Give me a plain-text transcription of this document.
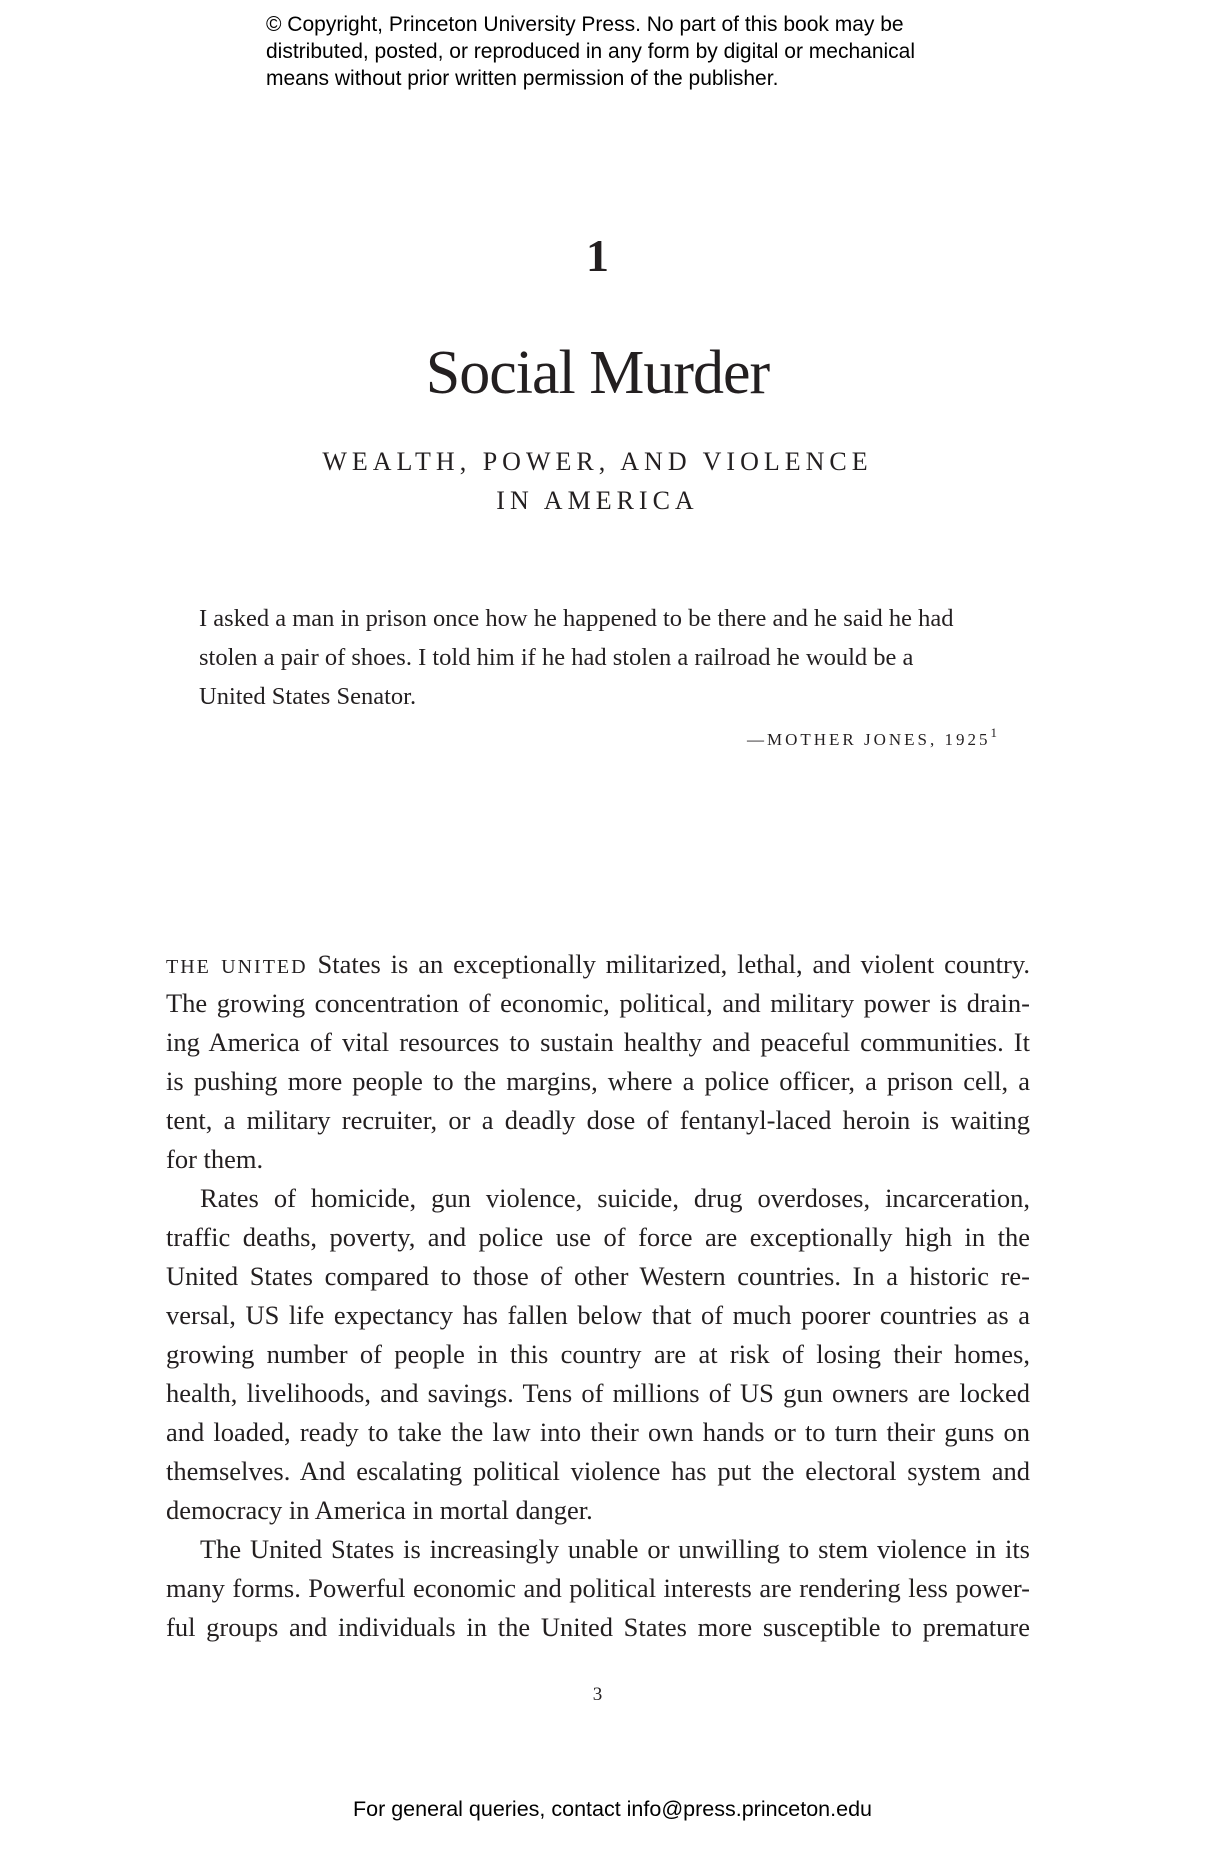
© Copyright, Princeton University Press. No part of this book may be
distributed, posted, or reproduced in any form by digital or mechanical
means without prior written permission of the publisher.
1
Social Murder
WEALTH, POWER, AND VIOLENCE
IN AMERICA
I asked a man in prison once how he happened to be there and he said he had
stolen a pair of shoes. I told him if he had stolen a railroad he would be a
United States Senator.
—MOTHER JONES, 1925$^1$
THE UNITED States is an exceptionally militarized, lethal, and violent country.
The growing concentration of economic, political, and military power is drain-
ing America of vital resources to sustain healthy and peaceful communities. It
is pushing more people to the margins, where a police officer, a prison cell, a
tent, a military recruiter, or a deadly dose of fentanyl-laced heroin is waiting
for them.
Rates of homicide, gun violence, suicide, drug overdoses, incarceration,
traffic deaths, poverty, and police use of force are exceptionally high in the
United States compared to those of other Western countries. In a historic re-
versal, US life expectancy has fallen below that of much poorer countries as a
growing number of people in this country are at risk of losing their homes,
health, livelihoods, and savings. Tens of millions of US gun owners are locked
and loaded, ready to take the law into their own hands or to turn their guns on
themselves. And escalating political violence has put the electoral system and
democracy in America in mortal danger.
The United States is increasingly unable or unwilling to stem violence in its
many forms. Powerful economic and political interests are rendering less power-
ful groups and individuals in the United States more susceptible to premature
3
For general queries, contact info@press.princeton.edu
